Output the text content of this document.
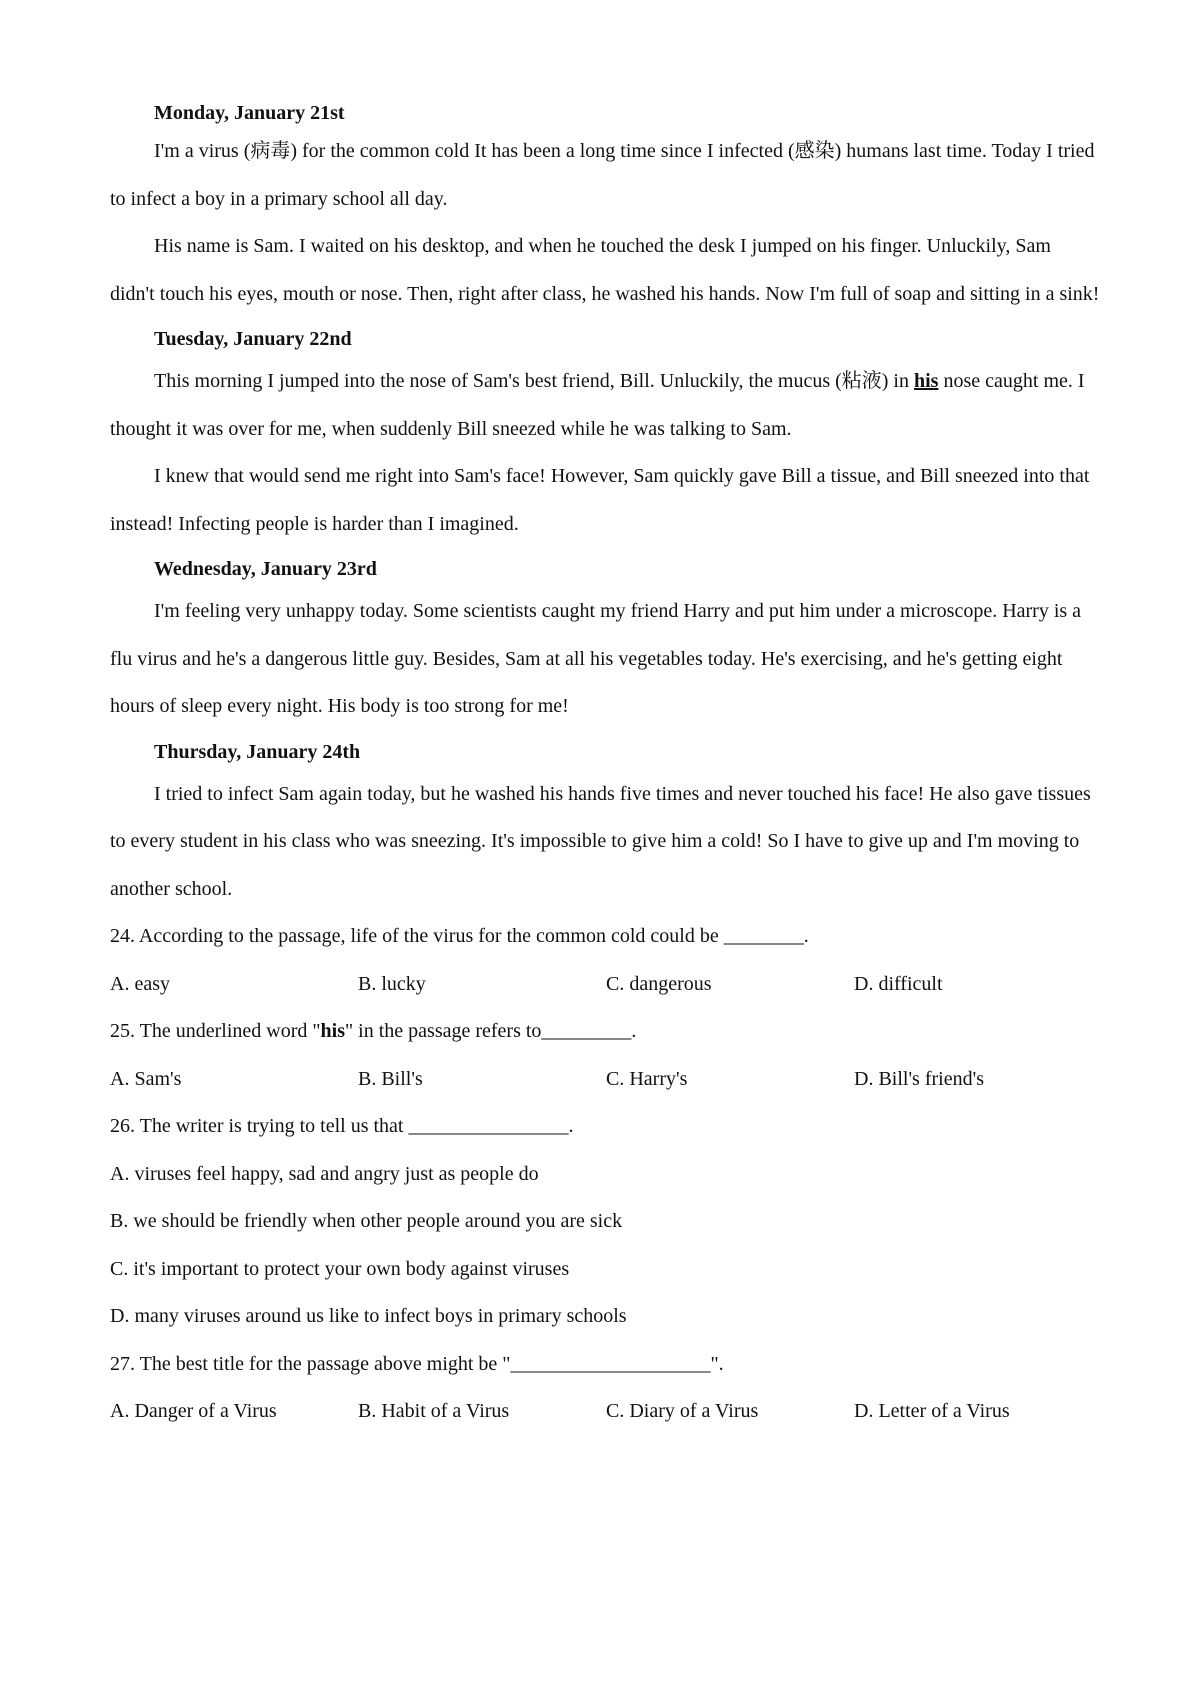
Monday, January 21st

I'm a virus (病毒) for the common cold It has been a long time since I infected (感染) humans last time. Today I tried to infect a boy in a primary school all day.

His name is Sam. I waited on his desktop, and when he touched the desk I jumped on his finger. Unluckily, Sam didn't touch his eyes, mouth or nose. Then, right after class, he washed his hands. Now I'm full of soap and sitting in a sink!

Tuesday, January 22nd

This morning I jumped into the nose of Sam's best friend, Bill. Unluckily, the mucus (粘液) in his nose caught me. I thought it was over for me, when suddenly Bill sneezed while he was talking to Sam.

I knew that would send me right into Sam's face! However, Sam quickly gave Bill a tissue, and Bill sneezed into that instead! Infecting people is harder than I imagined.

Wednesday, January 23rd

I'm feeling very unhappy today. Some scientists caught my friend Harry and put him under a microscope. Harry is a flu virus and he's a dangerous little guy. Besides, Sam at all his vegetables today. He's exercising, and he's getting eight hours of sleep every night. His body is too strong for me!

Thursday, January 24th

I tried to infect Sam again today, but he washed his hands five times and never touched his face! He also gave tissues to every student in his class who was sneezing. It's impossible to give him a cold! So I have to give up and I'm moving to another school.

24. According to the passage, life of the virus for the common cold could be ________.

A. easy	B. lucky	C. dangerous	D. difficult

25. The underlined word "his" in the passage refers to_________.

A. Sam's	B. Bill's	C. Harry's	D. Bill's friend's

26. The writer is trying to tell us that ________________.

A. viruses feel happy, sad and angry just as people do
B. we should be friendly when other people around you are sick
C. it's important to protect your own body against viruses
D. many viruses around us like to infect boys in primary schools

27. The best title for the passage above might be "____________________".

A. Danger of a Virus	B. Habit of a Virus	C. Diary of a Virus	D. Letter of a Virus
